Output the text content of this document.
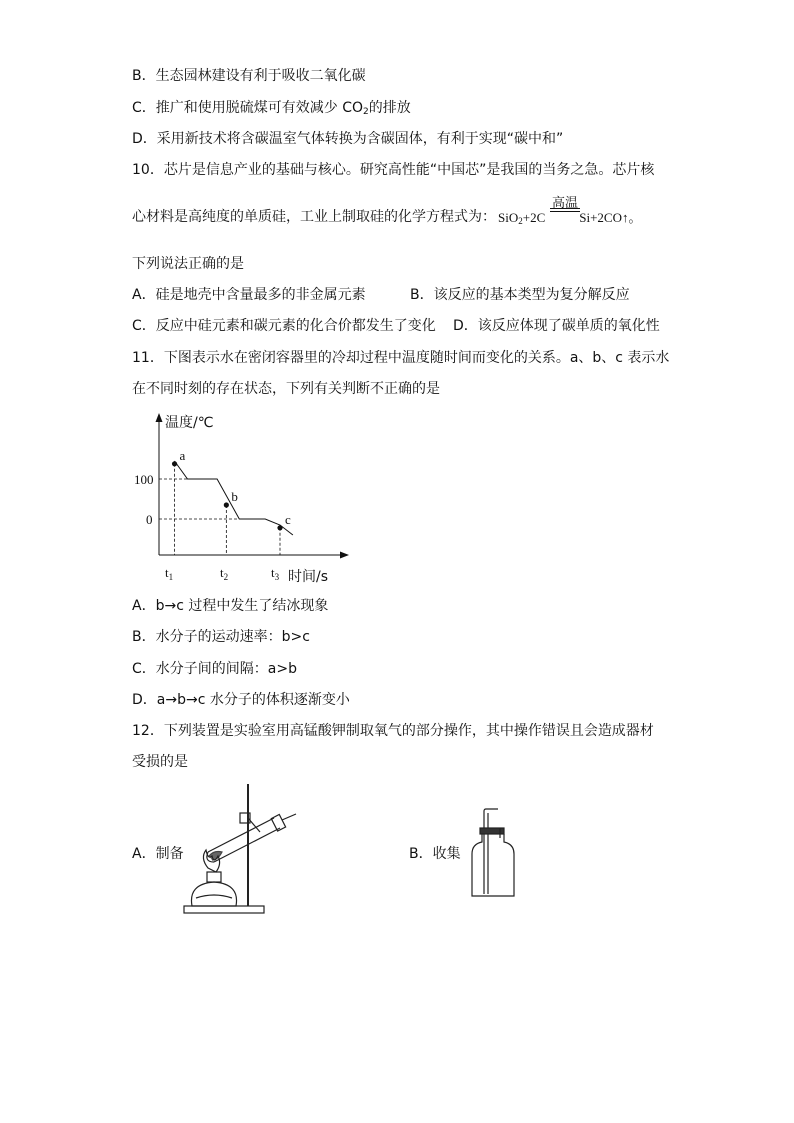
B．生态园林建设有利于吸收二氧化碳
C．推广和使用脱硫煤可有效减少 $CO_2$的排放
D．采用新技术将含碳温室气体转换为含碳固体，有利于实现“碳中和”
10．芯片是信息产业的基础与核心。研究高性能“中国芯”是我国的当务之急。芯片核
心材料是高纯度的单质硅，工业上制取硅的化学方程式为： SiO$_2$+2C	Si+2CO↑。
高温
下列说法正确的是
A．硅是地壳中含量最多的非金属元素	B．该反应的基本类型为复分解反应
C．反应中硅元素和碳元素的化合价都发生了变化 D．该反应体现了碳单质的氧化性
11．下图表示水在密闭容器里的冷却过程中温度随时间而变化的关系。a、b、c 表示水
在不同时刻的存在状态，下列有关判断不正确的是
温度/℃
时间/s
100
0
$t_1$	$t_2$	$t_3$
a
b
c
A．b→c 过程中发生了结冰现象
B．水分子的运动速率：b>c
C．水分子间的间隔：a>b
D．a→b→c 水分子的体积逐渐变小
12．下列装置是实验室用高锰酸钾制取氧气的部分操作，其中操作错误且会造成器材
受损的是
A．制备	B．收集
